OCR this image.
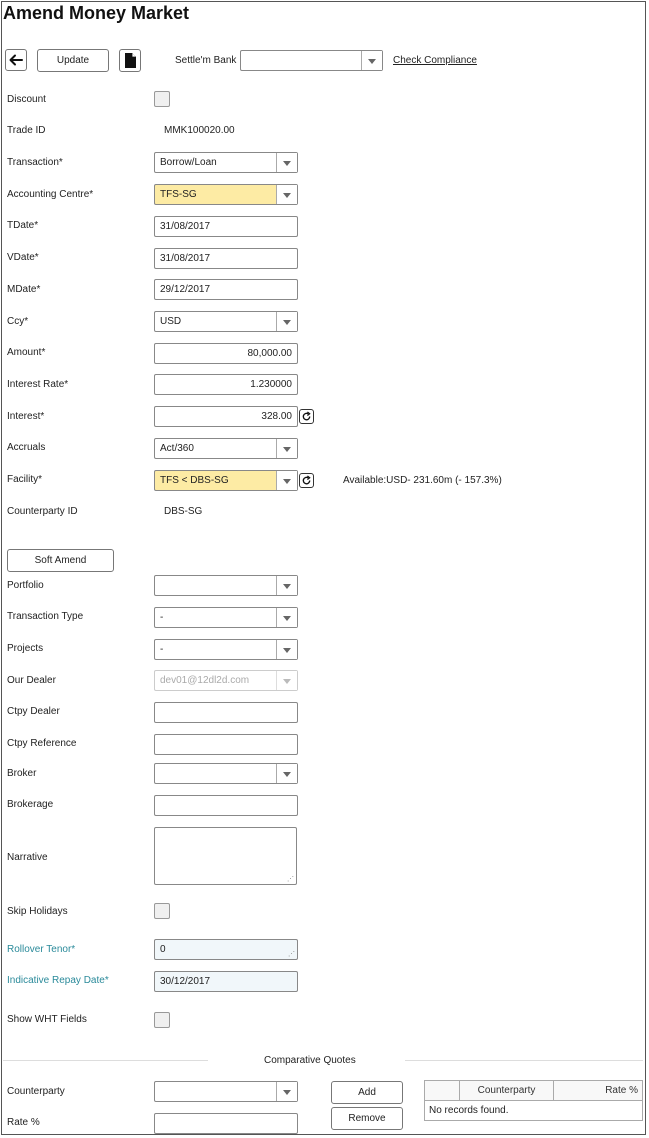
Amend Money Market
Update	Settle'm Bank	Check Compliance
Discount
Trade ID	MMK100020.00
Transaction*	Borrow/Loan
Accounting Centre*	TFS-SG
TDate*	31/08/2017
VDate*	31/08/2017
MDate*	29/12/2017
Ccy*	USD
Amount*	80,000.00
Interest Rate*	1.230000
Interest*	328.00
Accruals	Act/360
Facility*	TFS < DBS-SG	Available:USD- 231.60m (- 157.3%)
Counterparty ID	DBS-SG
Soft Amend
Portfolio
Transaction Type	-
Projects	-
Our Dealer	dev01@12dl2d.com
Ctpy Dealer
Ctpy Reference
Broker
Brokerage
Narrative
⋰
Skip Holidays
Rollover Tenor*	0	⋰
Indicative Repay Date*	30/12/2017
Show WHT Fields
Comparative Quotes
Counterparty
Rate %
Add
Remove
	Counterparty	Rate %
No records found.
